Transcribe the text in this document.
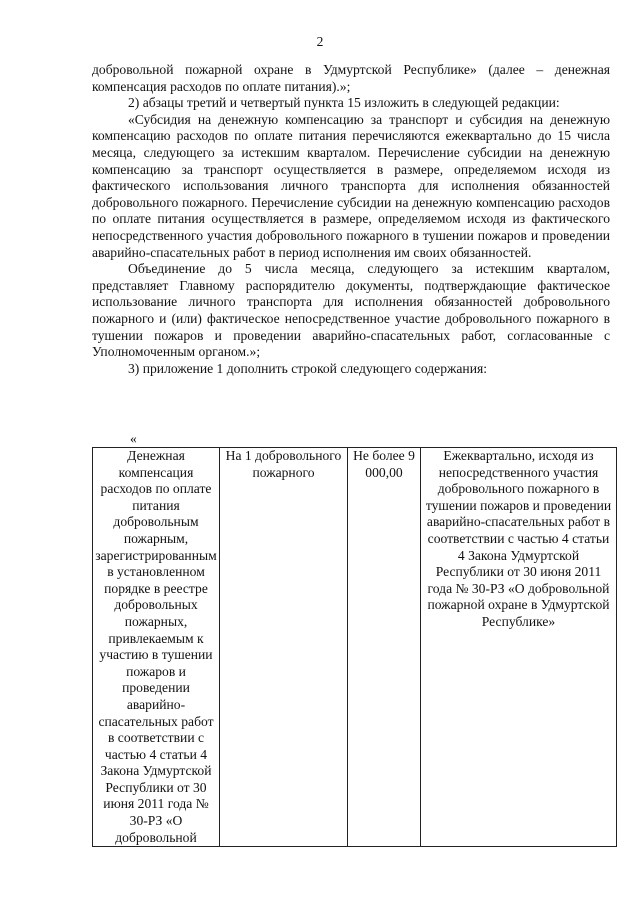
2

добровольной пожарной охране в Удмуртской Республике» (далее – денежная компенсация расходов по оплате питания).»;

2) абзацы третий и четвертый пункта 15 изложить в следующей редакции:

«Субсидия на денежную компенсацию за транспорт и субсидия на денежную компенсацию расходов по оплате питания перечисляются ежеквартально до 15 числа месяца, следующего за истекшим кварталом. Перечисление субсидии на денежную компенсацию за транспорт осуществляется в размере, определяемом исходя из фактического использования личного транспорта для исполнения обязанностей добровольного пожарного. Перечисление субсидии на денежную компенсацию расходов по оплате питания осуществляется в размере, определяемом исходя из фактического непосредственного участия добровольного пожарного в тушении пожаров и проведении аварийно-спасательных работ в период исполнения им своих обязанностей.

Объединение до 5 числа месяца, следующего за истекшим кварталом, представляет Главному распорядителю документы, подтверждающие фактическое использование личного транспорта для исполнения обязанностей добровольного пожарного и (или) фактическое непосредственное участие добровольного пожарного в тушении пожаров и проведении аварийно-спасательных работ, согласованные с Уполномоченным органом.»;

3) приложение 1 дополнить строкой следующего содержания:

«
Денежная компенсация расходов по оплате питания добровольным пожарным, зарегистрированным в установленном порядке в реестре добровольных пожарных, привлекаемым к участию в тушении пожаров и проведении аварийно-спасательных работ в соответствии с частью 4 статьи 4 Закона Удмуртской Республики от 30 июня 2011 года № 30-РЗ «О добровольной	На 1 добровольного пожарного	Не более 9 000,00	Ежеквартально, исходя из непосредственного участия добровольного пожарного в тушении пожаров и проведении аварийно-спасательных работ в соответствии с частью 4 статьи 4 Закона Удмуртской Республики от 30 июня 2011 года № 30-РЗ «О добровольной пожарной охране в Удмуртской Республике»
